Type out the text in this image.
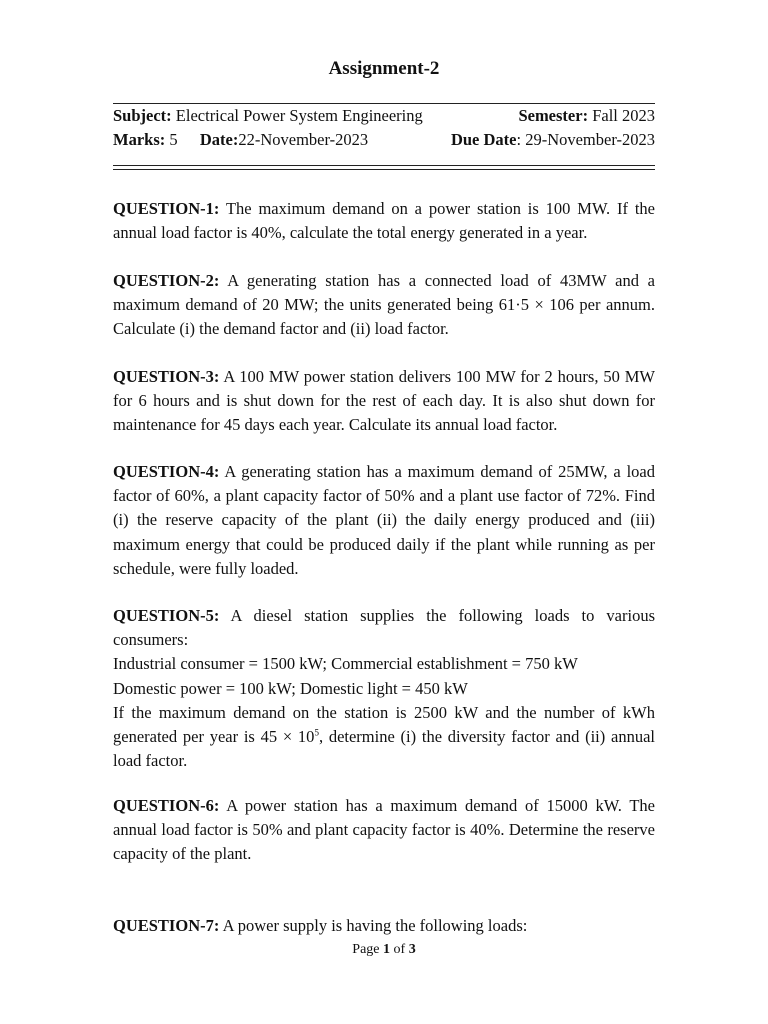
Assignment-2
Subject: Electrical Power System Engineering	Semester: Fall 2023
Marks: 5 Date:22-November-2023	Due Date: 29-November-2023

QUESTION-1: The maximum demand on a power station is 100 MW. If the annual load factor is 40%, calculate the total energy generated in a year.

QUESTION-2: A generating station has a connected load of 43MW and a maximum demand of 20 MW; the units generated being 61·5 × 106 per annum. Calculate (i) the demand factor and (ii) load factor.

QUESTION-3: A 100 MW power station delivers 100 MW for 2 hours, 50 MW for 6 hours and is shut down for the rest of each day. It is also shut down for maintenance for 45 days each year. Calculate its annual load factor.

QUESTION-4: A generating station has a maximum demand of 25MW, a load factor of 60%, a plant capacity factor of 50% and a plant use factor of 72%. Find (i) the reserve capacity of the plant (ii) the daily energy produced and (iii) maximum energy that could be produced daily if the plant while running as per schedule, were fully loaded.

QUESTION-5: A diesel station supplies the following loads to various consumers:

Industrial consumer = 1500 kW; Commercial establishment = 750 kW

Domestic power = 100 kW; Domestic light = 450 kW

If the maximum demand on the station is 2500 kW and the number of kWh generated per year is $45 \times 10^5$, determine (i) the diversity factor and (ii) annual load factor.

QUESTION-6: A power station has a maximum demand of 15000 kW. The annual load factor is 50% and plant capacity factor is 40%. Determine the reserve capacity of the plant.

QUESTION-7: A power supply is having the following loads:

Page 1 of 3
